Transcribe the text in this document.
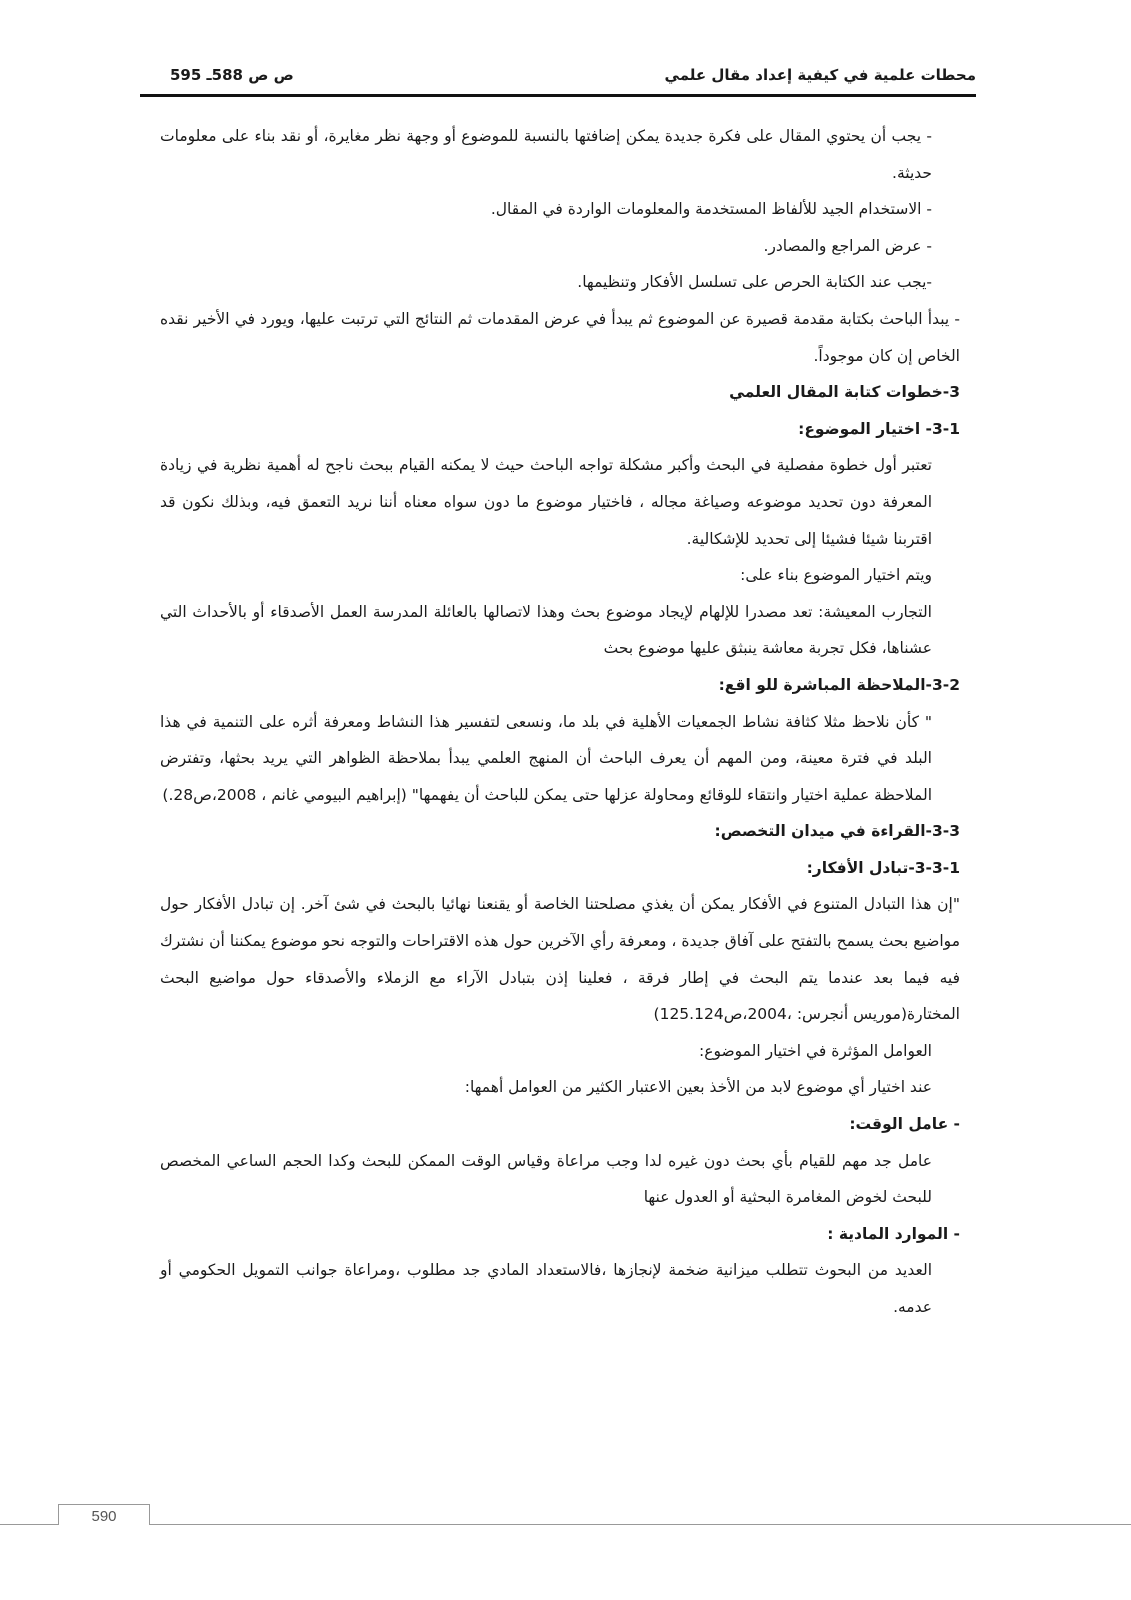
محطات علمية في كيفية إعداد مقال علمي
ص ص 588ـ 595

- يجب أن يحتوي المقال على فكرة جديدة يمكن إضافتها بالنسبة للموضوع أو وجهة نظر مغايرة، أو نقد بناء على معلومات حديثة.

- الاستخدام الجيد للألفاظ المستخدمة والمعلومات الواردة في المقال.

- عرض المراجع والمصادر.

-يجب عند الكتابة الحرص على تسلسل الأفكار وتنظيمها.

- يبدأ الباحث بكتابة مقدمة قصيرة عن الموضوع ثم يبدأ في عرض المقدمات ثم النتائج التي ترتبت عليها، ويورد في الأخير نقده الخاص إن كان موجوداً.

3-خطوات كتابة المقال العلمي

3-1- اختيار الموضوع:

تعتبر أول خطوة مفصلية في البحث وأكبر مشكلة تواجه الباحث حيث لا يمكنه القيام ببحث ناجح له أهمية نظرية في زيادة المعرفة دون تحديد موضوعه وصياغة مجاله ، فاختيار موضوع ما دون سواه معناه أننا نريد التعمق فيه، وبذلك نكون قد اقتربنا شيئا فشيئا إلى تحديد للإشكالية.

ويتم اختيار الموضوع بناء على:

التجارب المعيشة: تعد مصدرا للإلهام لإيجاد موضوع بحث وهذا لاتصالها بالعائلة المدرسة العمل الأصدقاء أو بالأحداث التي عشناها، فكل تجربة معاشة ينبثق عليها موضوع بحث

3-2-الملاحظة المباشرة للو اقع:

" كأن نلاحظ مثلا كثافة نشاط الجمعيات الأهلية في بلد ما، ونسعى لتفسير هذا النشاط ومعرفة أثره على التنمية في هذا البلد في فترة معينة، ومن المهم أن يعرف الباحث أن المنهج العلمي يبدأ بملاحظة الظواهر التي يريد بحثها، وتفترض الملاحظة عملية اختيار وانتقاء للوقائع ومحاولة عزلها حتى يمكن للباحث أن يفهمها" (إبراهيم البيومي غانم ، 2008،ص28.)

3-3-القراءة في ميدان التخصص:

3-3-1-تبادل الأفكار:

"إن هذا التبادل المتنوع في الأفكار يمكن أن يغذي مصلحتنا الخاصة أو يقنعنا نهائيا بالبحث في شئ آخر. إن تبادل الأفكار حول مواضيع بحث يسمح بالتفتح على آفاق جديدة ، ومعرفة رأي الآخرين حول هذه الاقتراحات والتوجه نحو موضوع يمكننا أن نشترك فيه فيما بعد عندما يتم البحث في إطار فرقة ، فعلينا إذن بتبادل الآراء مع الزملاء والأصدقاء حول مواضيع البحث المختارة(موريس أنجرس: ،2004،ص125.124)

العوامل المؤثرة في اختيار الموضوع:

عند اختيار أي موضوع لابد من الأخذ بعين الاعتبار الكثير من العوامل أهمها:

- عامل الوقت:

عامل جد مهم للقيام بأي بحث دون غيره لدا وجب مراعاة وقياس الوقت الممكن للبحث وكدا الحجم الساعي المخصص للبحث لخوض المغامرة البحثية أو العدول عنها

- الموارد المادية :

العديد من البحوث تتطلب ميزانية ضخمة لإنجازها ،فالاستعداد المادي جد مطلوب ،ومراعاة جوانب التمويل الحكومي أو عدمه.

590
